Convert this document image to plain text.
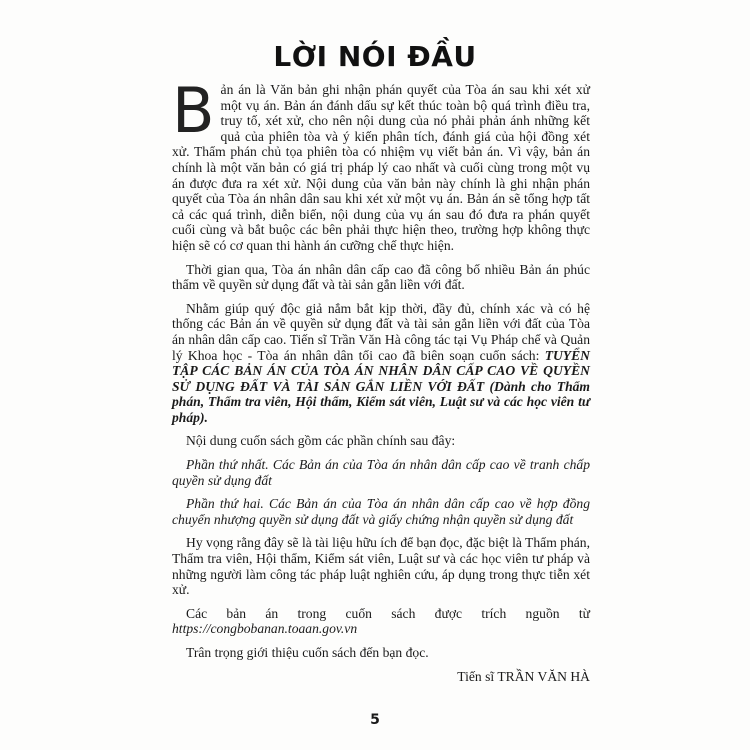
LỜI NÓI ĐẦU

Bản án là Văn bản ghi nhận phán quyết của Tòa án sau khi xét xử một vụ án. Bản án đánh dấu sự kết thúc toàn bộ quá trình điều tra, truy tố, xét xử, cho nên nội dung của nó phải phản ánh những kết quả của phiên tòa và ý kiến phân tích, đánh giá của hội đồng xét xử. Thẩm phán chủ tọa phiên tòa có nhiệm vụ viết bản án. Vì vậy, bản án chính là một văn bản có giá trị pháp lý cao nhất và cuối cùng trong một vụ án được đưa ra xét xử. Nội dung của văn bản này chính là ghi nhận phán quyết của Tòa án nhân dân sau khi xét xử một vụ án. Bản án sẽ tổng hợp tất cả các quá trình, diễn biến, nội dung của vụ án sau đó đưa ra phán quyết cuối cùng và bắt buộc các bên phải thực hiện theo, trường hợp không thực hiện sẽ có cơ quan thi hành án cưỡng chế thực hiện.

Thời gian qua, Tòa án nhân dân cấp cao đã công bố nhiều Bản án phúc thẩm về quyền sử dụng đất và tài sản gắn liền với đất.

Nhằm giúp quý độc giả nắm bắt kịp thời, đầy đủ, chính xác và có hệ thống các Bản án về quyền sử dụng đất và tài sản gắn liền với đất của Tòa án nhân dân cấp cao. Tiến sĩ Trần Văn Hà công tác tại Vụ Pháp chế và Quản lý Khoa học - Tòa án nhân dân tối cao đã biên soạn cuốn sách: TUYỂN TẬP CÁC BẢN ÁN CỦA TÒA ÁN NHÂN DÂN CẤP CAO VỀ QUYỀN SỬ DỤNG ĐẤT VÀ TÀI SẢN GẮN LIỀN VỚI ĐẤT (Dành cho Thẩm phán, Thẩm tra viên, Hội thẩm, Kiểm sát viên, Luật sư và các học viên tư pháp).

Nội dung cuốn sách gồm các phần chính sau đây:

Phần thứ nhất. Các Bản án của Tòa án nhân dân cấp cao về tranh chấp quyền sử dụng đất

Phần thứ hai. Các Bản án của Tòa án nhân dân cấp cao về hợp đồng chuyển nhượng quyền sử dụng đất và giấy chứng nhận quyền sử dụng đất

Hy vọng rằng đây sẽ là tài liệu hữu ích để bạn đọc, đặc biệt là Thẩm phán, Thẩm tra viên, Hội thẩm, Kiểm sát viên, Luật sư và các học viên tư pháp và những người làm công tác pháp luật nghiên cứu, áp dụng trong thực tiễn xét xử.

Các bản án trong cuốn sách được trích nguồn từ https://congbobanan.toaan.gov.vn

Trân trọng giới thiệu cuốn sách đến bạn đọc.

Tiến sĩ TRẦN VĂN HÀ

5
